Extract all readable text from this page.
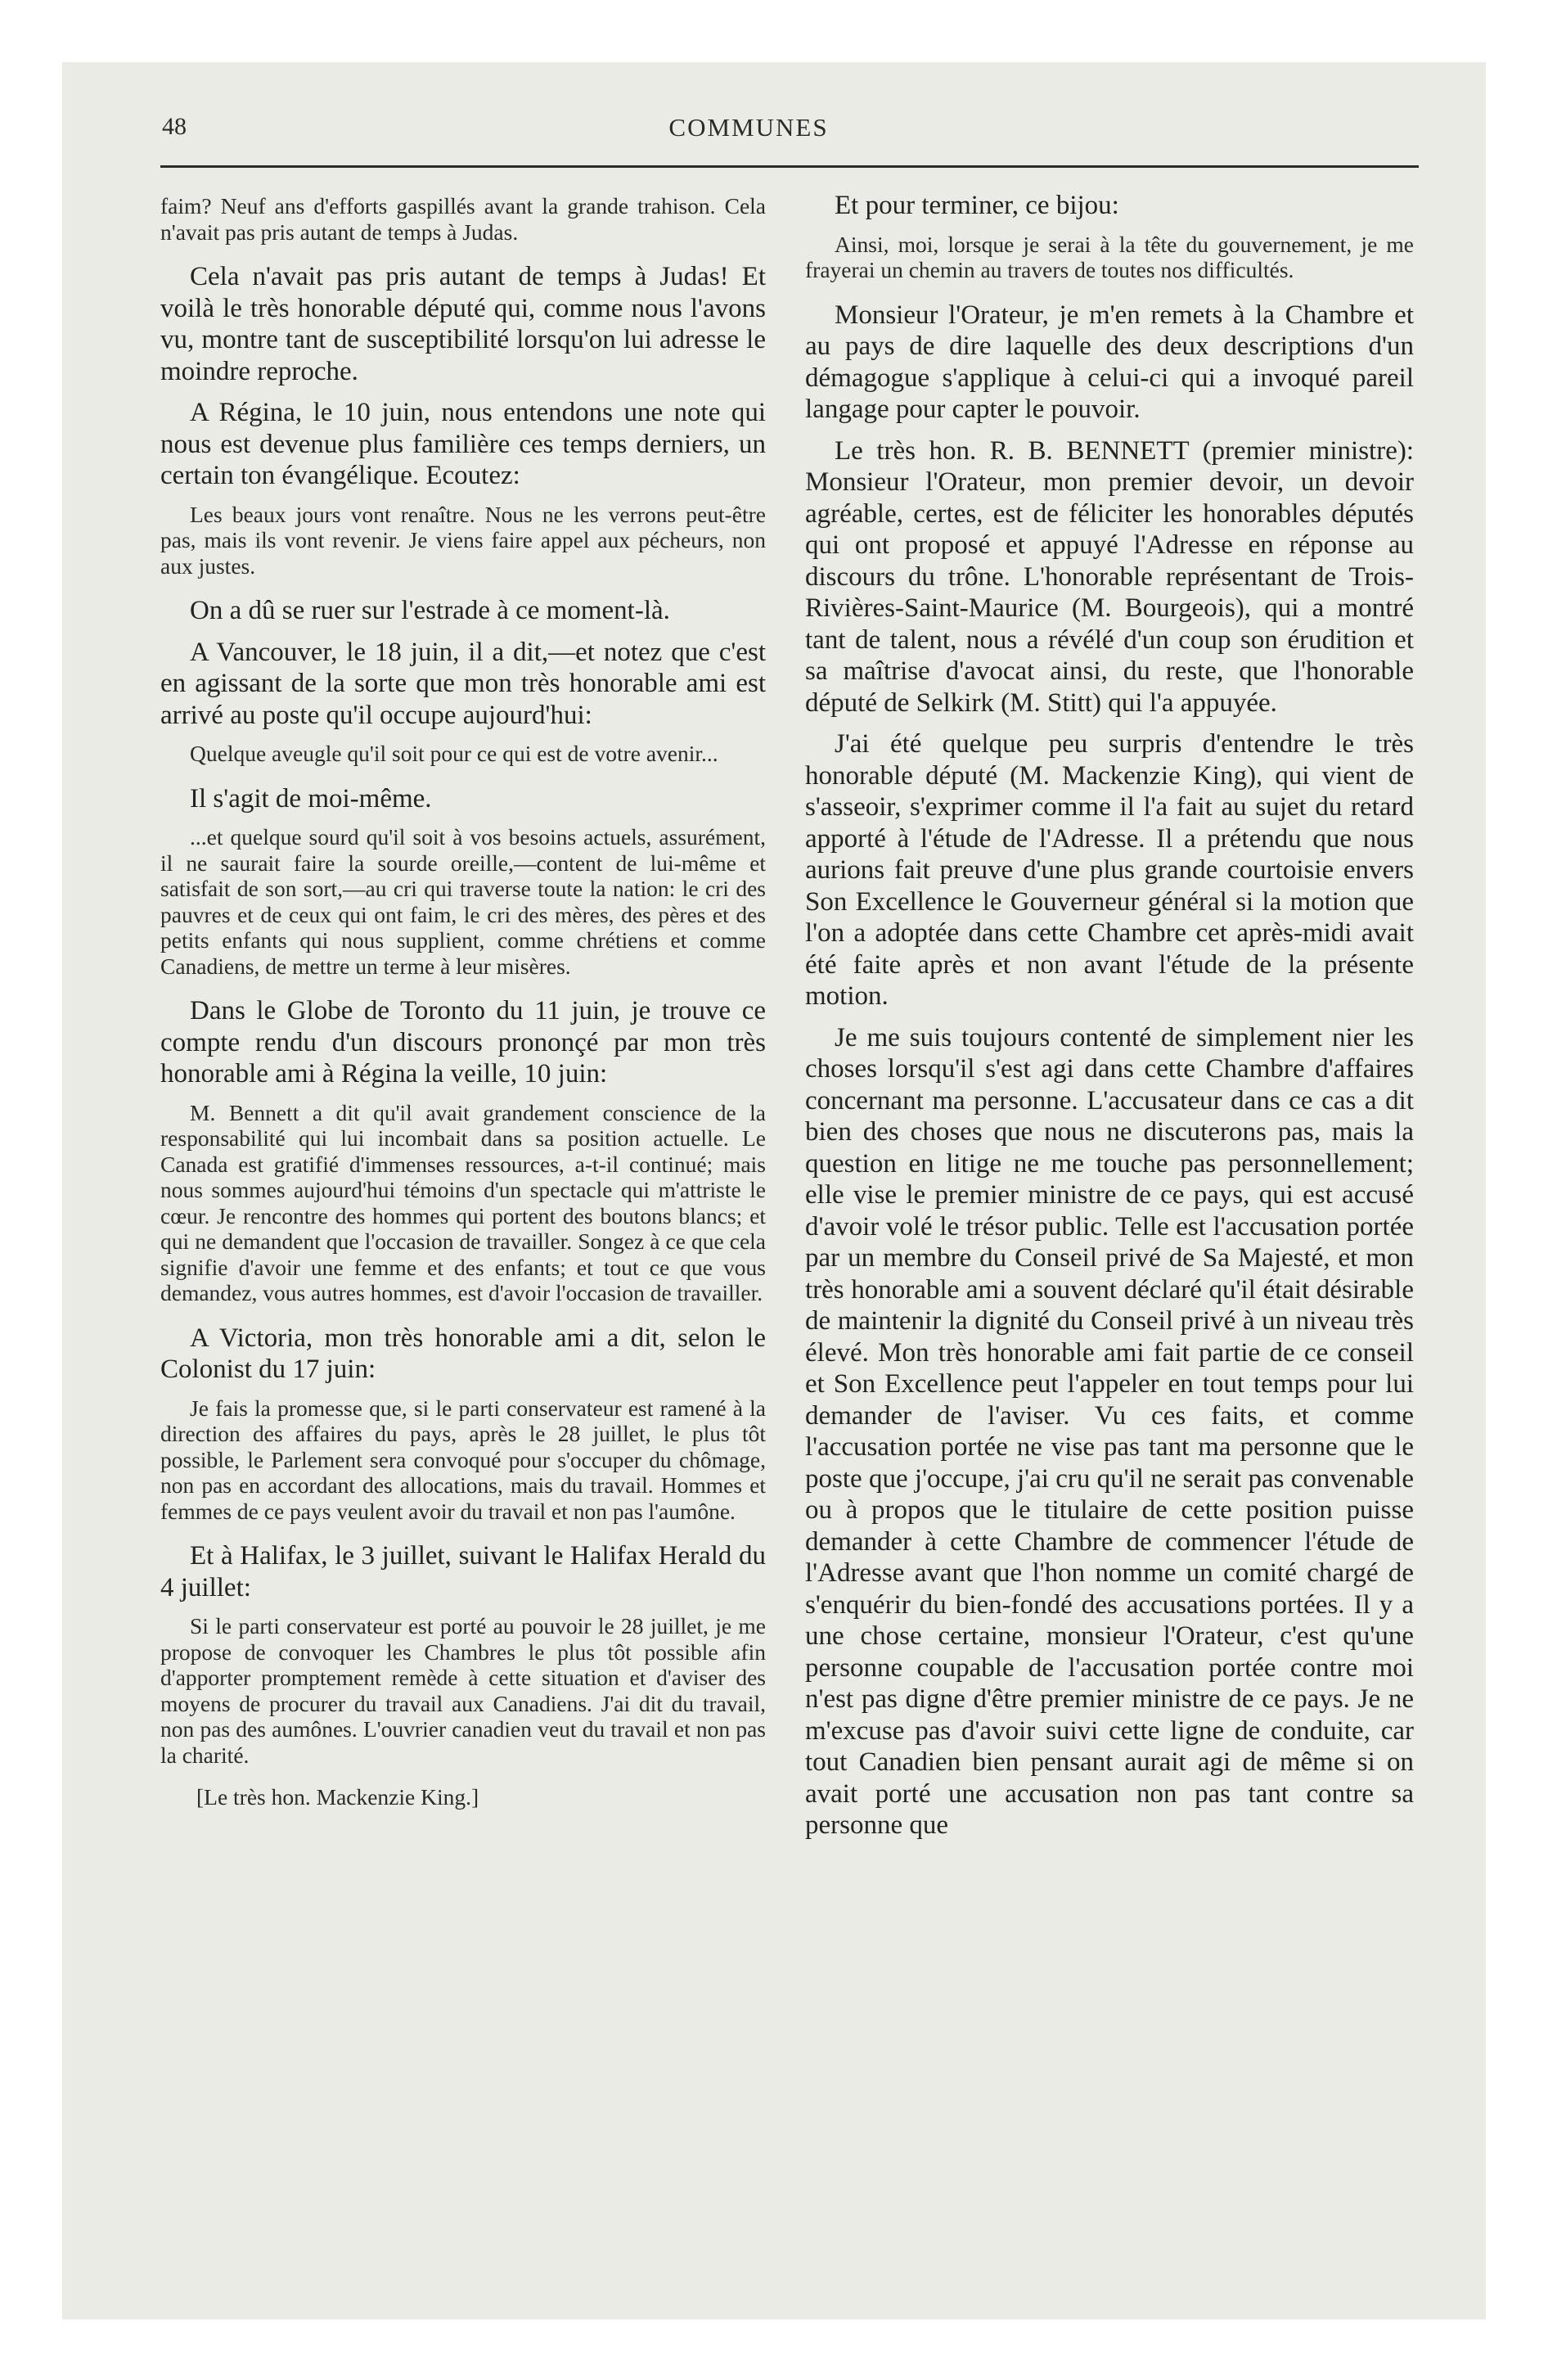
48	COMMUNES
faim? Neuf ans d'efforts gaspillés avant la grande trahison. Cela n'avait pas pris autant de temps à Judas.
Cela n'avait pas pris autant de temps à Judas! Et voilà le très honorable député qui, comme nous l'avons vu, montre tant de susceptibilité lorsqu'on lui adresse le moindre reproche.
A Régina, le 10 juin, nous entendons une note qui nous est devenue plus familière ces temps derniers, un certain ton évangélique. Ecoutez:
Les beaux jours vont renaître. Nous ne les verrons peut-être pas, mais ils vont revenir. Je viens faire appel aux pécheurs, non aux justes.
On a dû se ruer sur l'estrade à ce moment-là.
A Vancouver, le 18 juin, il a dit,—et notez que c'est en agissant de la sorte que mon très honorable ami est arrivé au poste qu'il occupe aujourd'hui:
Quelque aveugle qu'il soit pour ce qui est de votre avenir...
Il s'agit de moi-même.
...et quelque sourd qu'il soit à vos besoins actuels, assurément, il ne saurait faire la sourde oreille,—content de lui-même et satisfait de son sort,—au cri qui traverse toute la nation: le cri des pauvres et de ceux qui ont faim, le cri des mères, des pères et des petits enfants qui nous supplient, comme chrétiens et comme Canadiens, de mettre un terme à leur misères.
Dans le Globe de Toronto du 11 juin, je trouve ce compte rendu d'un discours prononçé par mon très honorable ami à Régina la veille, 10 juin:
M. Bennett a dit qu'il avait grandement conscience de la responsabilité qui lui incombait dans sa position actuelle. Le Canada est gratifié d'immenses ressources, a-t-il continué; mais nous sommes aujourd'hui témoins d'un spectacle qui m'attriste le cœur. Je rencontre des hommes qui portent des boutons blancs; et qui ne demandent que l'occasion de travailler. Songez à ce que cela signifie d'avoir une femme et des enfants; et tout ce que vous demandez, vous autres hommes, est d'avoir l'occasion de travailler.
A Victoria, mon très honorable ami a dit, selon le Colonist du 17 juin:
Je fais la promesse que, si le parti conservateur est ramené à la direction des affaires du pays, après le 28 juillet, le plus tôt possible, le Parlement sera convoqué pour s'occuper du chômage, non pas en accordant des allocations, mais du travail. Hommes et femmes de ce pays veulent avoir du travail et non pas l'aumône.
Et à Halifax, le 3 juillet, suivant le Halifax Herald du 4 juillet:
Si le parti conservateur est porté au pouvoir le 28 juillet, je me propose de convoquer les Chambres le plus tôt possible afin d'apporter promptement remède à cette situation et d'aviser des moyens de procurer du travail aux Canadiens. J'ai dit du travail, non pas des aumônes. L'ouvrier canadien veut du travail et non pas la charité.
[Le très hon. Mackenzie King.]
Et pour terminer, ce bijou:
Ainsi, moi, lorsque je serai à la tête du gouvernement, je me frayerai un chemin au travers de toutes nos difficultés.
Monsieur l'Orateur, je m'en remets à la Chambre et au pays de dire laquelle des deux descriptions d'un démagogue s'applique à celui-ci qui a invoqué pareil langage pour capter le pouvoir.
Le très hon. R. B. BENNETT (premier ministre): Monsieur l'Orateur, mon premier devoir, un devoir agréable, certes, est de féliciter les honorables députés qui ont proposé et appuyé l'Adresse en réponse au discours du trône. L'honorable représentant de Trois-Rivières-Saint-Maurice (M. Bourgeois), qui a montré tant de talent, nous a révélé d'un coup son érudition et sa maîtrise d'avocat ainsi, du reste, que l'honorable député de Selkirk (M. Stitt) qui l'a appuyée.
J'ai été quelque peu surpris d'entendre le très honorable député (M. Mackenzie King), qui vient de s'asseoir, s'exprimer comme il l'a fait au sujet du retard apporté à l'étude de l'Adresse. Il a prétendu que nous aurions fait preuve d'une plus grande courtoisie envers Son Excellence le Gouverneur général si la motion que l'on a adoptée dans cette Chambre cet après-midi avait été faite après et non avant l'étude de la présente motion.
Je me suis toujours contenté de simplement nier les choses lorsqu'il s'est agi dans cette Chambre d'affaires concernant ma personne. L'accusateur dans ce cas a dit bien des choses que nous ne discuterons pas, mais la question en litige ne me touche pas personnellement; elle vise le premier ministre de ce pays, qui est accusé d'avoir volé le trésor public. Telle est l'accusation portée par un membre du Conseil privé de Sa Majesté, et mon très honorable ami a souvent déclaré qu'il était désirable de maintenir la dignité du Conseil privé à un niveau très élevé. Mon très honorable ami fait partie de ce conseil et Son Excellence peut l'appeler en tout temps pour lui demander de l'aviser. Vu ces faits, et comme l'accusation portée ne vise pas tant ma personne que le poste que j'occupe, j'ai cru qu'il ne serait pas convenable ou à propos que le titulaire de cette position puisse demander à cette Chambre de commencer l'étude de l'Adresse avant que l'hon nomme un comité chargé de s'enquérir du bien-fondé des accusations portées. Il y a une chose certaine, monsieur l'Orateur, c'est qu'une personne coupable de l'accusation portée contre moi n'est pas digne d'être premier ministre de ce pays. Je ne m'excuse pas d'avoir suivi cette ligne de conduite, car tout Canadien bien pensant aurait agi de même si on avait porté une accusation non pas tant contre sa personne que
